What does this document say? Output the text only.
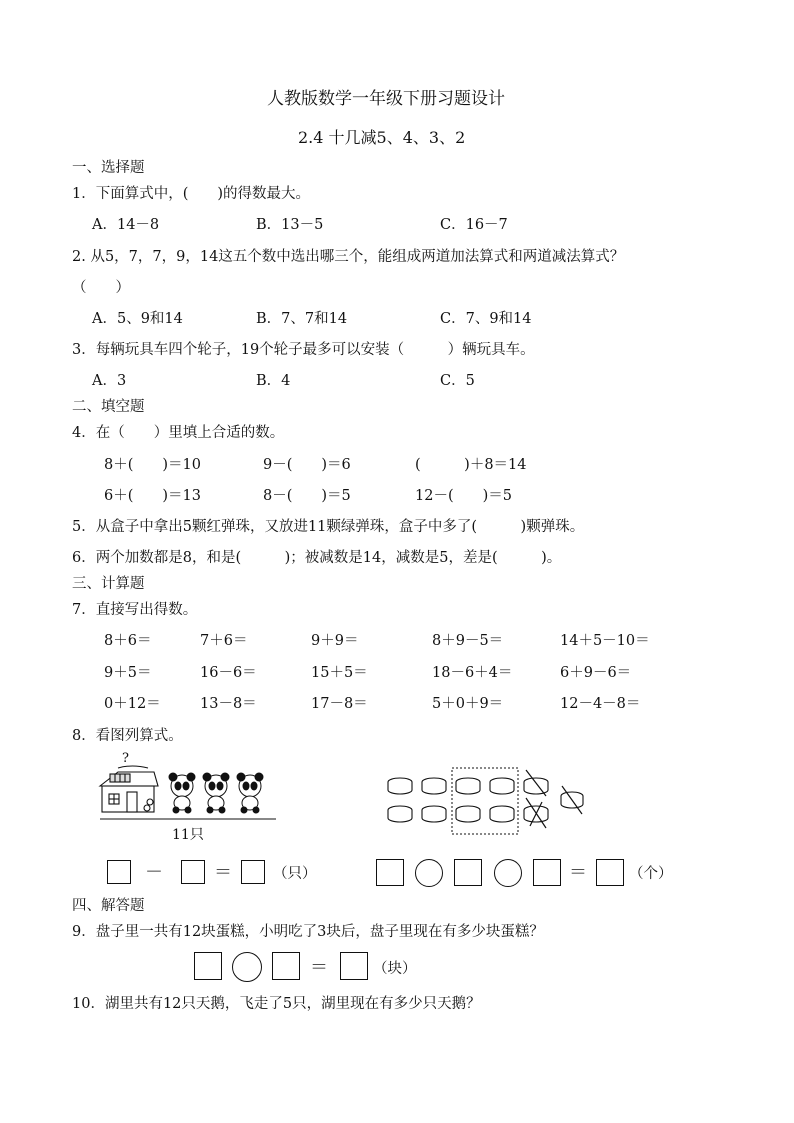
人教版数学一年级下册习题设计
2.4 十几减5、4、3、2
一、选择题
1．下面算式中，(　　)的得数最大。
A．14－8	B．13－5	C．16－7
2. 从5，7，7，9，14这五个数中选出哪三个，能组成两道加法算式和两道减法算式？
（　　）
A．5、9和14	B．7、7和14	C．7、9和14
3．每辆玩具车四个轮子，19个轮子最多可以安装（　　　）辆玩具车。
A．3	B．4	C．5
二、填空题
4．在（　　）里填上合适的数。
8＋(　　)＝10	9－(　　)＝6	(　　　)＋8＝14
6＋(　　)＝13	8－(　　)＝5	12－(　　)＝5
5．从盒子中拿出5颗红弹珠，又放进11颗绿弹珠，盒子中多了(　　　)颗弹珠。
6．两个加数都是8，和是(　　　)；被减数是14，减数是5，差是(　　　)。
三、计算题
7．直接写出得数。
8＋6＝	7＋6＝	9＋9＝	8＋9－5＝	14＋5－10＝
9＋5＝	16－6＝	15＋5＝	18－6＋4＝	6＋9－6＝
0＋12＝	13－8＝	17－8＝	5＋0＋9＝	12－4－8＝
8．看图列算式。
?
11只
－	＝	（只）	＝	（个）
四、解答题
9．盘子里一共有12块蛋糕，小明吃了3块后，盘子里现在有多少块蛋糕？
＝	（块）
10．湖里共有12只天鹅，飞走了5只，湖里现在有多少只天鹅？
